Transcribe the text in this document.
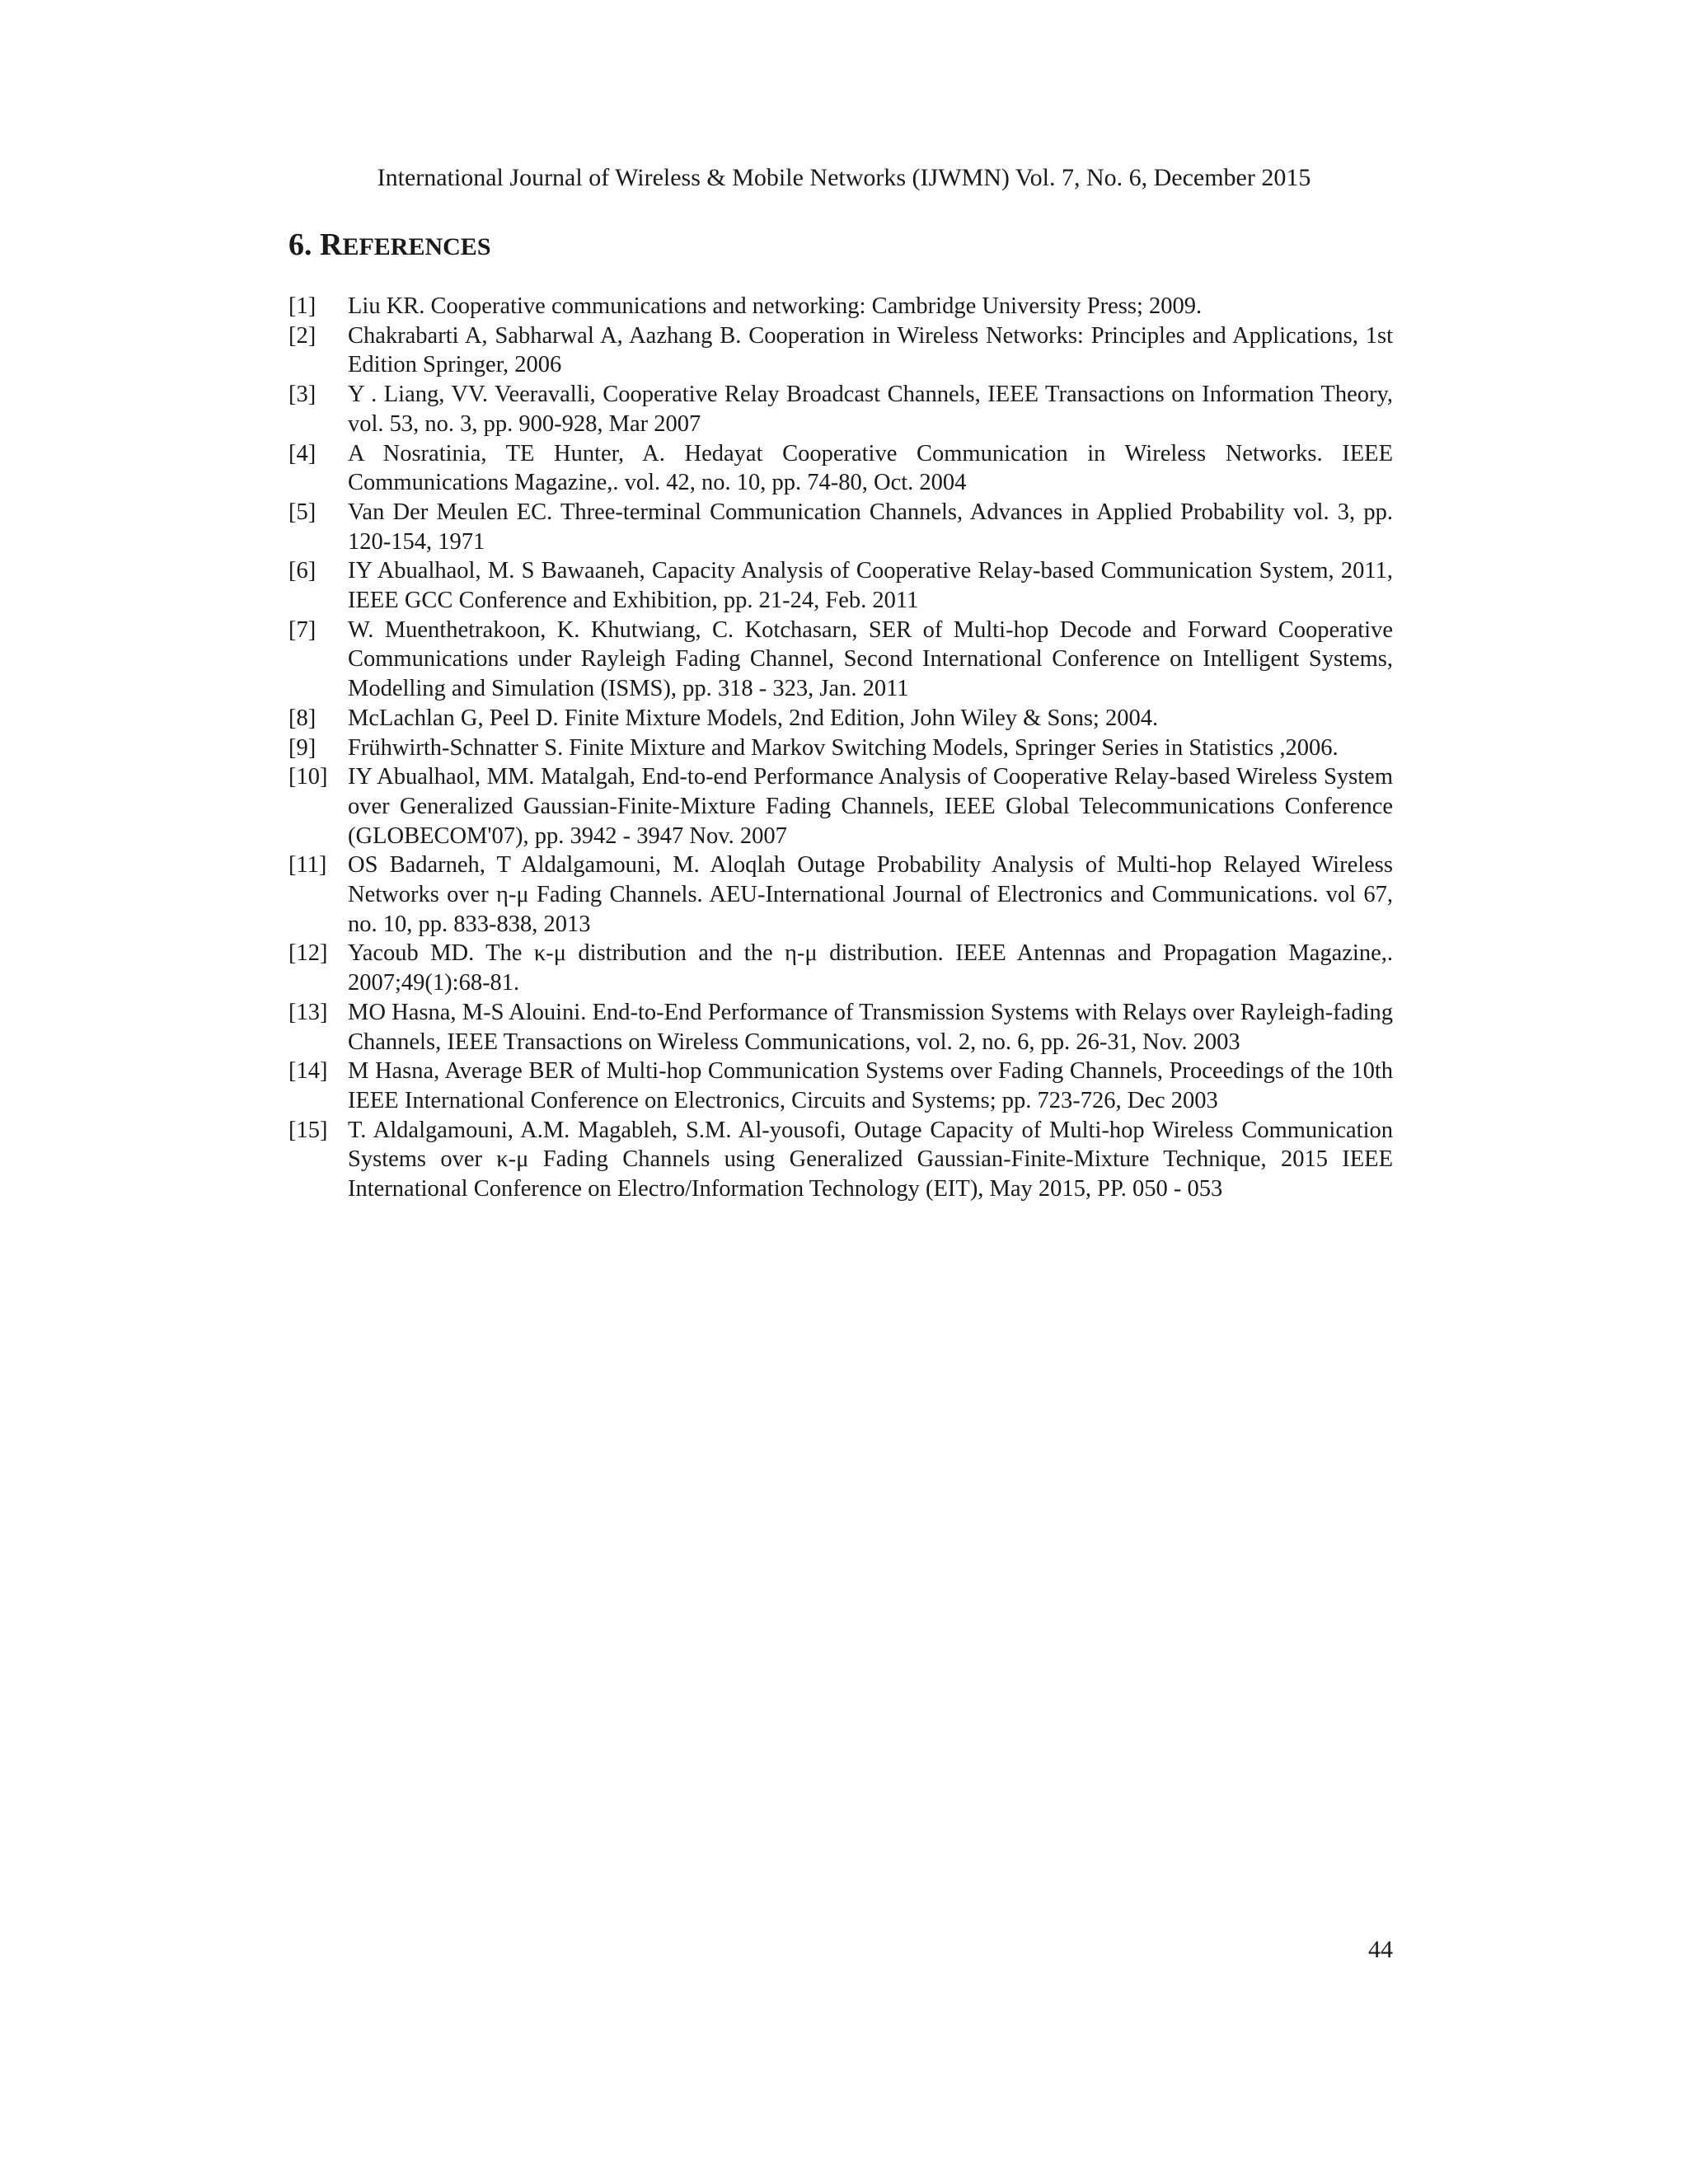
International Journal of Wireless & Mobile Networks (IJWMN) Vol. 7, No. 6, December 2015
6. REFERENCES
[1]	Liu KR. Cooperative communications and networking: Cambridge University Press; 2009.
[2]	Chakrabarti A, Sabharwal A, Aazhang B. Cooperation in Wireless Networks: Principles and Applications, 1st Edition Springer, 2006
[3]	Y . Liang, VV. Veeravalli, Cooperative Relay Broadcast Channels, IEEE Transactions on Information Theory, vol. 53, no. 3, pp. 900-928, Mar 2007
[4]	A Nosratinia, TE Hunter, A. Hedayat Cooperative Communication in Wireless Networks. IEEE Communications Magazine,. vol. 42, no. 10, pp. 74-80, Oct. 2004
[5]	Van Der Meulen EC. Three-terminal Communication Channels, Advances in Applied Probability vol. 3, pp. 120-154, 1971
[6]	IY Abualhaol, M. S Bawaaneh, Capacity Analysis of Cooperative Relay-based Communication System, 2011, IEEE GCC Conference and Exhibition, pp. 21-24, Feb. 2011
[7]	W. Muenthetrakoon, K. Khutwiang, C. Kotchasarn, SER of Multi-hop Decode and Forward Cooperative Communications under Rayleigh Fading Channel, Second International Conference on Intelligent Systems, Modelling and Simulation (ISMS), pp. 318 - 323, Jan. 2011
[8]	McLachlan G, Peel D. Finite Mixture Models, 2nd Edition, John Wiley & Sons; 2004.
[9]	Frühwirth-Schnatter S. Finite Mixture and Markov Switching Models, Springer Series in Statistics ,2006.
[10] IY Abualhaol, MM. Matalgah, End-to-end Performance Analysis of Cooperative Relay-based Wireless System over Generalized Gaussian-Finite-Mixture Fading Channels, IEEE Global Telecommunications Conference (GLOBECOM'07), pp. 3942 - 3947 Nov. 2007
[11] OS Badarneh, T Aldalgamouni, M. Aloqlah Outage Probability Analysis of Multi-hop Relayed Wireless Networks over η-μ Fading Channels. AEU-International Journal of Electronics and Communications. vol 67, no. 10, pp. 833-838, 2013
[12] Yacoub MD. The κ-μ distribution and the η-μ distribution. IEEE Antennas and Propagation Magazine,. 2007;49(1):68-81.
[13] MO Hasna, M-S Alouini. End-to-End Performance of Transmission Systems with Relays over Rayleigh-fading Channels, IEEE Transactions on Wireless Communications, vol. 2, no. 6, pp. 26-31, Nov. 2003
[14] M Hasna, Average BER of Multi-hop Communication Systems over Fading Channels, Proceedings of the 10th IEEE International Conference on Electronics, Circuits and Systems; pp. 723-726, Dec 2003
[15] T. Aldalgamouni, A.M. Magableh, S.M. Al-yousofi, Outage Capacity of Multi-hop Wireless Communication Systems over κ-μ Fading Channels using Generalized Gaussian-Finite-Mixture Technique, 2015 IEEE International Conference on Electro/Information Technology (EIT), May 2015, PP. 050 - 053
44
